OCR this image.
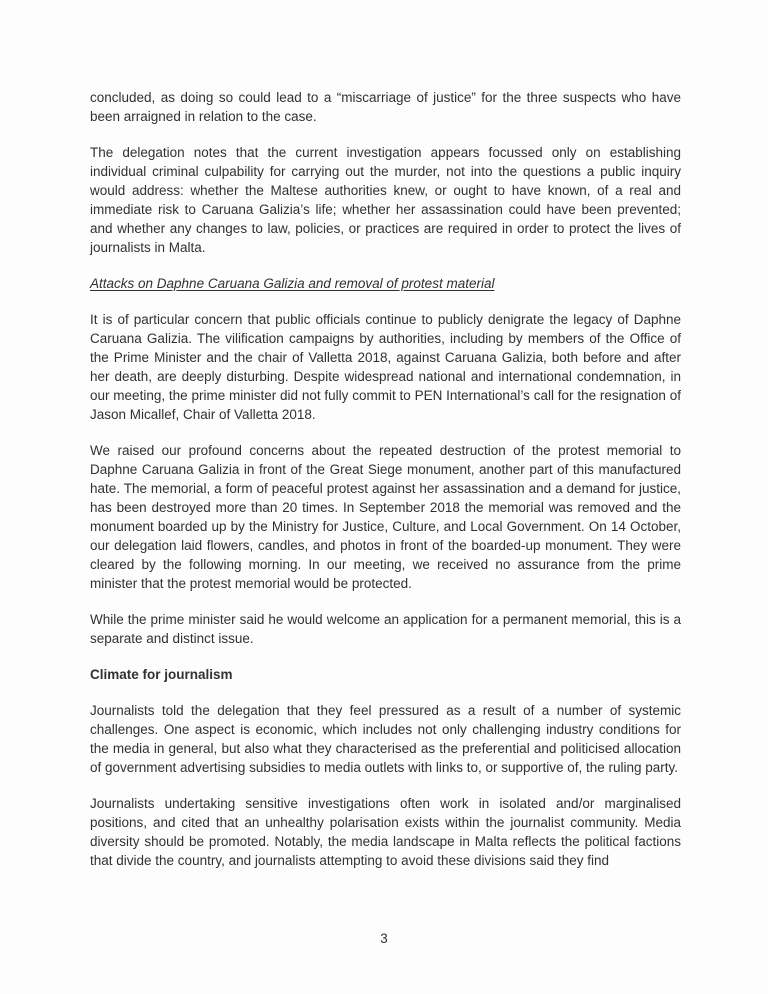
concluded, as doing so could lead to a “miscarriage of justice” for the three suspects who have been arraigned in relation to the case.

The delegation notes that the current investigation appears focussed only on establishing individual criminal culpability for carrying out the murder, not into the questions a public inquiry would address: whether the Maltese authorities knew, or ought to have known, of a real and immediate risk to Caruana Galizia’s life; whether her assassination could have been prevented; and whether any changes to law, policies, or practices are required in order to protect the lives of journalists in Malta.

Attacks on Daphne Caruana Galizia and removal of protest material

It is of particular concern that public officials continue to publicly denigrate the legacy of Daphne Caruana Galizia. The vilification campaigns by authorities, including by members of the Office of the Prime Minister and the chair of Valletta 2018, against Caruana Galizia, both before and after her death, are deeply disturbing. Despite widespread national and international condemnation, in our meeting, the prime minister did not fully commit to PEN International’s call for the resignation of Jason Micallef, Chair of Valletta 2018.

We raised our profound concerns about the repeated destruction of the protest memorial to Daphne Caruana Galizia in front of the Great Siege monument, another part of this manufactured hate. The memorial, a form of peaceful protest against her assassination and a demand for justice, has been destroyed more than 20 times. In September 2018 the memorial was removed and the monument boarded up by the Ministry for Justice, Culture, and Local Government. On 14 October, our delegation laid flowers, candles, and photos in front of the boarded-up monument. They were cleared by the following morning. In our meeting, we received no assurance from the prime minister that the protest memorial would be protected.

While the prime minister said he would welcome an application for a permanent memorial, this is a separate and distinct issue.

Climate for journalism

Journalists told the delegation that they feel pressured as a result of a number of systemic challenges. One aspect is economic, which includes not only challenging industry conditions for the media in general, but also what they characterised as the preferential and politicised allocation of government advertising subsidies to media outlets with links to, or supportive of, the ruling party.

Journalists undertaking sensitive investigations often work in isolated and/or marginalised positions, and cited that an unhealthy polarisation exists within the journalist community. Media diversity should be promoted. Notably, the media landscape in Malta reflects the political factions that divide the country, and journalists attempting to avoid these divisions said they find

3
